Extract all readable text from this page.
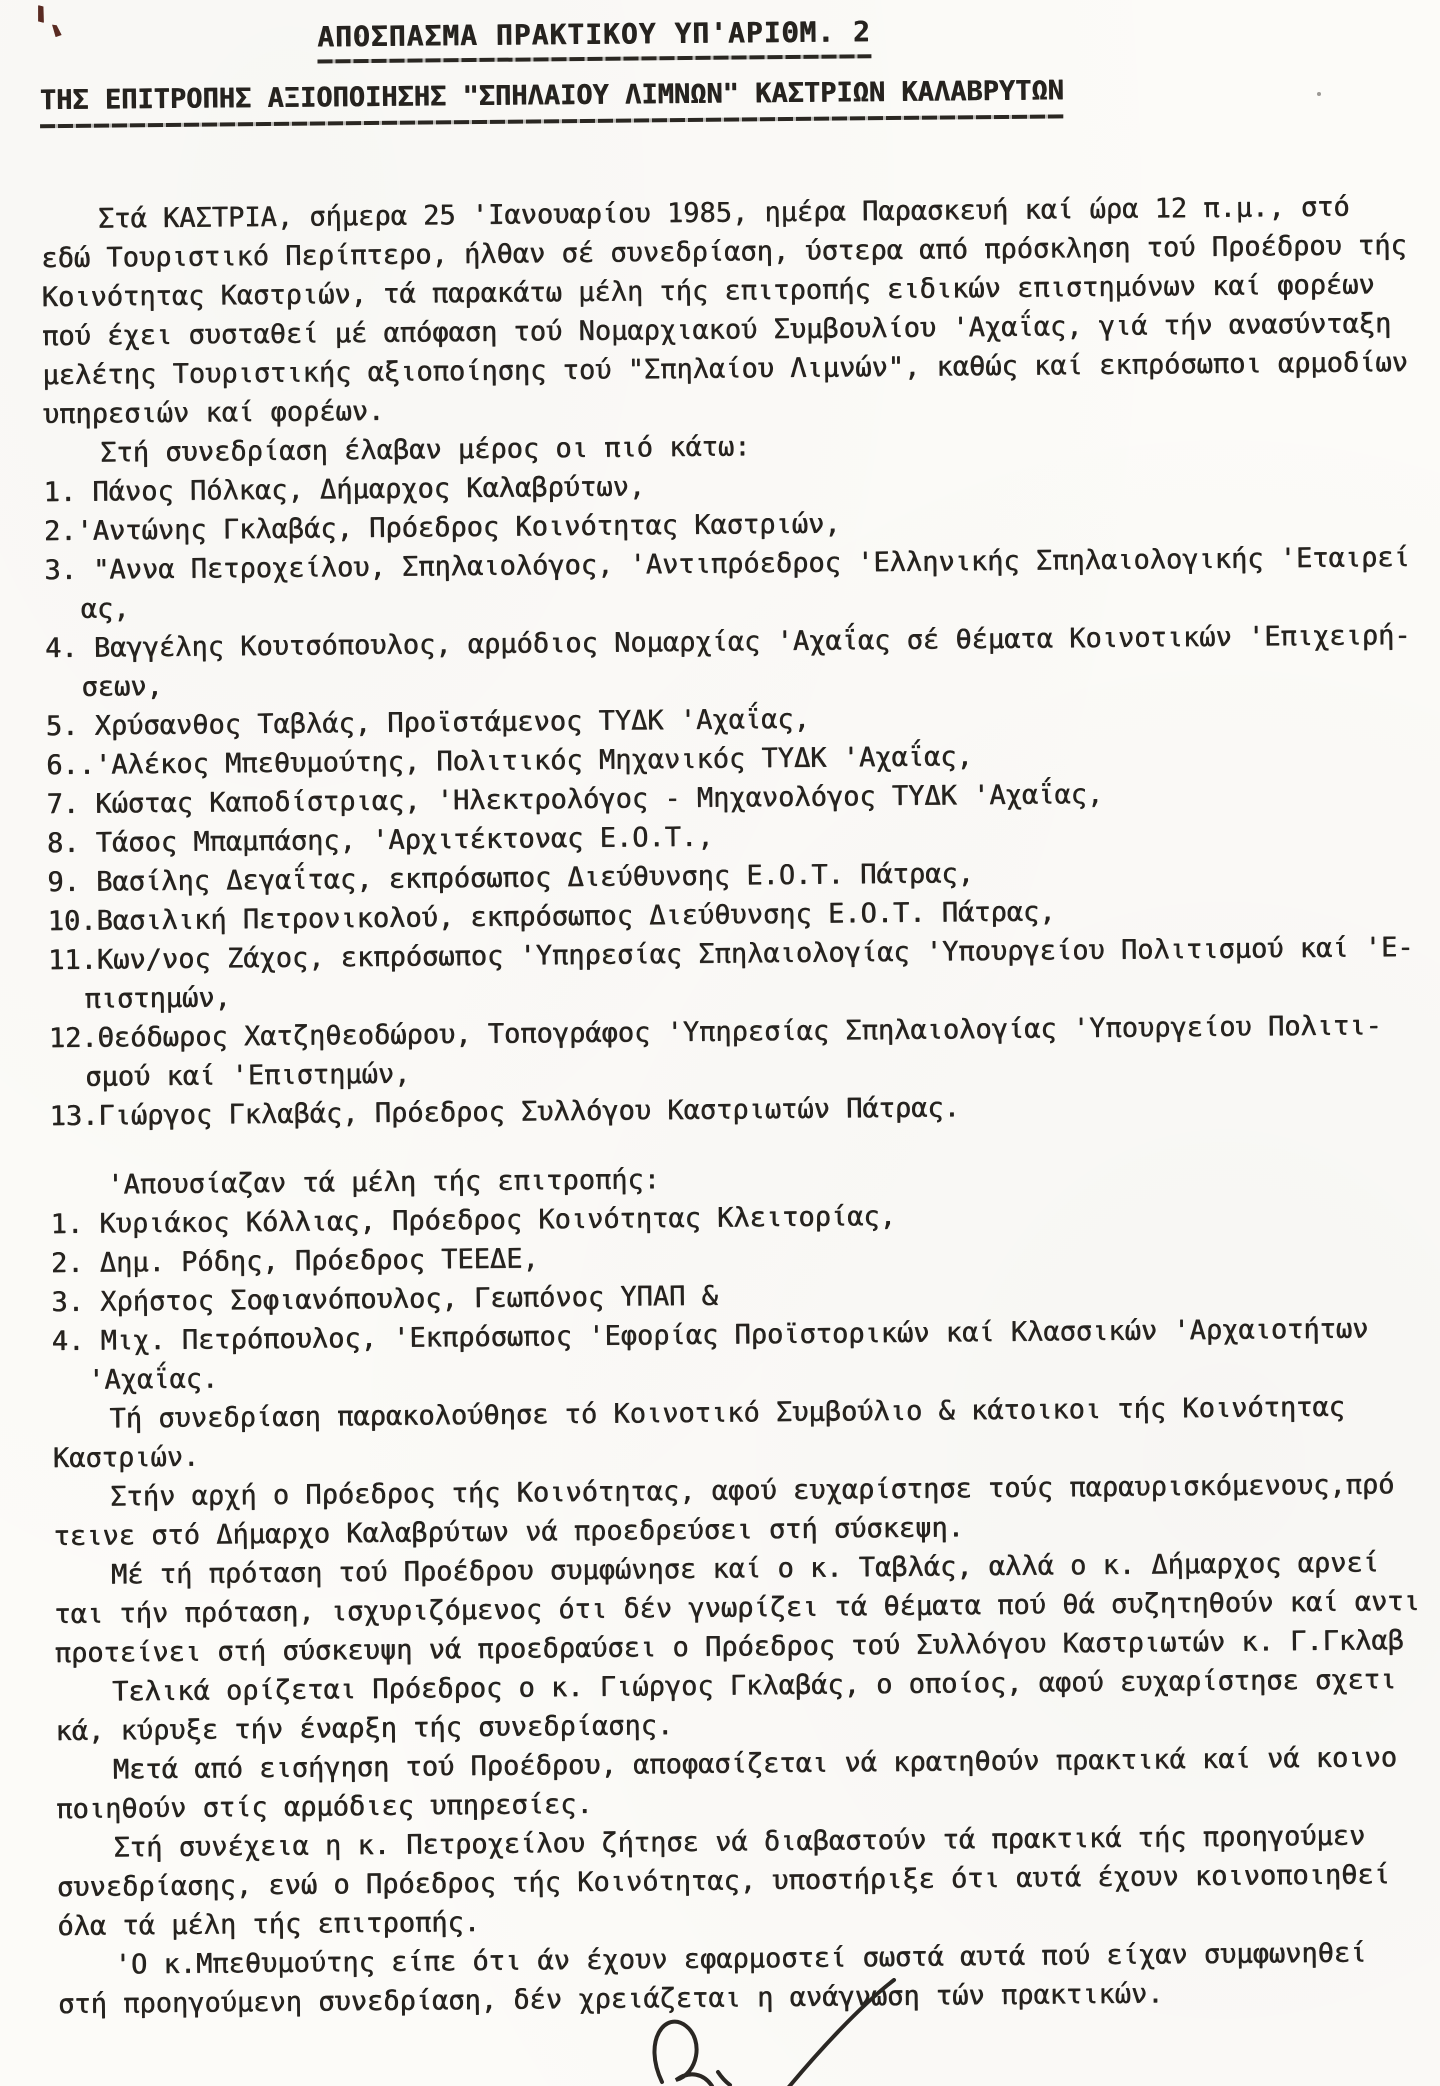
ΑΠΟΣΠΑΣΜΑ ΠΡΑΚΤΙΚΟΥ ΥΠ'ΑΡΙΘΜ. 2
ΤΗΣ ΕΠΙΤΡΟΠΗΣ ΑΞΙΟΠΟΙΗΣΗΣ "ΣΠΗΛΑΙΟΥ ΛΙΜΝΩΝ" ΚΑΣΤΡΙΩΝ ΚΑΛΑΒΡΥΤΩΝ
Στά ΚΑΣΤΡΙΑ, σήμερα 25 'Ιανουαρίου 1985, ημέρα Παρασκευή καί ώρα 12 π.μ., στό
εδώ Τουριστικό Περίπτερο, ήλθαν σέ συνεδρίαση, ύστερα από πρόσκληση τού Προέδρου τής
Κοινότητας Καστριών, τά παρακάτω μέλη τής επιτροπής ειδικών επιστημόνων καί φορέων
πού έχει συσταθεί μέ απόφαση τού Νομαρχιακού Συμβουλίου 'Αχαΐας, γιά τήν ανασύνταξη
μελέτης Τουριστικής αξιοποίησης τού "Σπηλαίου Λιμνών", καθώς καί εκπρόσωποι αρμοδίων
υπηρεσιών καί φορέων.
Στή συνεδρίαση έλαβαν μέρος οι πιό κάτω:
1. Πάνος Πόλκας, Δήμαρχος Καλαβρύτων,
2.'Αντώνης Γκλαβάς, Πρόεδρος Κοινότητας Καστριών,
3. "Αννα Πετροχείλου, Σπηλαιολόγος, 'Αντιπρόεδρος 'Ελληνικής Σπηλαιολογικής 'Εταιρεί
ας,
4. Βαγγέλης Κουτσόπουλος, αρμόδιος Νομαρχίας 'Αχαΐας σέ θέματα Κοινοτικών 'Επιχειρή-
σεων,
5. Χρύσανθος Ταβλάς, Προϊστάμενος ΤΥΔΚ 'Αχαΐας,
6..'Αλέκος Μπεθυμούτης, Πολιτικός Μηχανικός ΤΥΔΚ 'Αχαΐας,
7. Κώστας Καποδίστριας, 'Ηλεκτρολόγος - Μηχανολόγος ΤΥΔΚ 'Αχαΐας,
8. Τάσος Μπαμπάσης, 'Αρχιτέκτονας Ε.Ο.Τ.,
9. Βασίλης Δεγαΐτας, εκπρόσωπος Διεύθυνσης Ε.Ο.Τ. Πάτρας,
10.Βασιλική Πετρονικολού, εκπρόσωπος Διεύθυνσης Ε.Ο.Τ. Πάτρας,
11.Κων/νος Ζάχος, εκπρόσωπος 'Υπηρεσίας Σπηλαιολογίας 'Υπουργείου Πολιτισμού καί 'Ε-
πιστημών,
12.Θεόδωρος Χατζηθεοδώρου, Τοπογράφος 'Υπηρεσίας Σπηλαιολογίας 'Υπουργείου Πολιτι-
σμού καί 'Επιστημών,
13.Γιώργος Γκλαβάς, Πρόεδρος Συλλόγου Καστριωτών Πάτρας.
'Απουσίαζαν τά μέλη τής επιτροπής:
1. Κυριάκος Κόλλιας, Πρόεδρος Κοινότητας Κλειτορίας,
2. Δημ. Ρόδης, Πρόεδρος ΤΕΕΔΕ,
3. Χρήστος Σοφιανόπουλος, Γεωπόνος ΥΠΑΠ &
4. Μιχ. Πετρόπουλος, 'Εκπρόσωπος 'Εφορίας Προϊστορικών καί Κλασσικών 'Αρχαιοτήτων
'Αχαΐας.
Τή συνεδρίαση παρακολούθησε τό Κοινοτικό Συμβούλιο & κάτοικοι τής Κοινότητας
Καστριών.
Στήν αρχή ο Πρόεδρος τής Κοινότητας, αφού ευχαρίστησε τούς παραυρισκόμενους,πρό
τεινε στό Δήμαρχο Καλαβρύτων νά προεδρεύσει στή σύσκεψη.
Μέ τή πρόταση τού Προέδρου συμφώνησε καί ο κ. Ταβλάς, αλλά ο κ. Δήμαρχος αρνεί
ται τήν πρόταση, ισχυριζόμενος ότι δέν γνωρίζει τά θέματα πού θά συζητηθούν καί αντι
προτείνει στή σύσκευψη νά προεδραύσει ο Πρόεδρος τού Συλλόγου Καστριωτών κ. Γ.Γκλαβ
Τελικά ορίζεται Πρόεδρος ο κ. Γιώργος Γκλαβάς, ο οποίος, αφού ευχαρίστησε σχετι
κά, κύρυξε τήν έναρξη τής συνεδρίασης.
Μετά από εισήγηση τού Προέδρου, αποφασίζεται νά κρατηθούν πρακτικά καί νά κοινο
ποιηθούν στίς αρμόδιες υπηρεσίες.
Στή συνέχεια η κ. Πετροχείλου ζήτησε νά διαβαστούν τά πρακτικά τής προηγούμεν
συνεδρίασης, ενώ ο Πρόεδρος τής Κοινότητας, υποστήριξε ότι αυτά έχουν κοινοποιηθεί
όλα τά μέλη τής επιτροπής.
'Ο κ.Μπεθυμούτης είπε ότι άν έχουν εφαρμοστεί σωστά αυτά πού είχαν συμφωνηθεί
στή προηγούμενη συνεδρίαση, δέν χρειάζεται η ανάγνωση τών πρακτικών.
